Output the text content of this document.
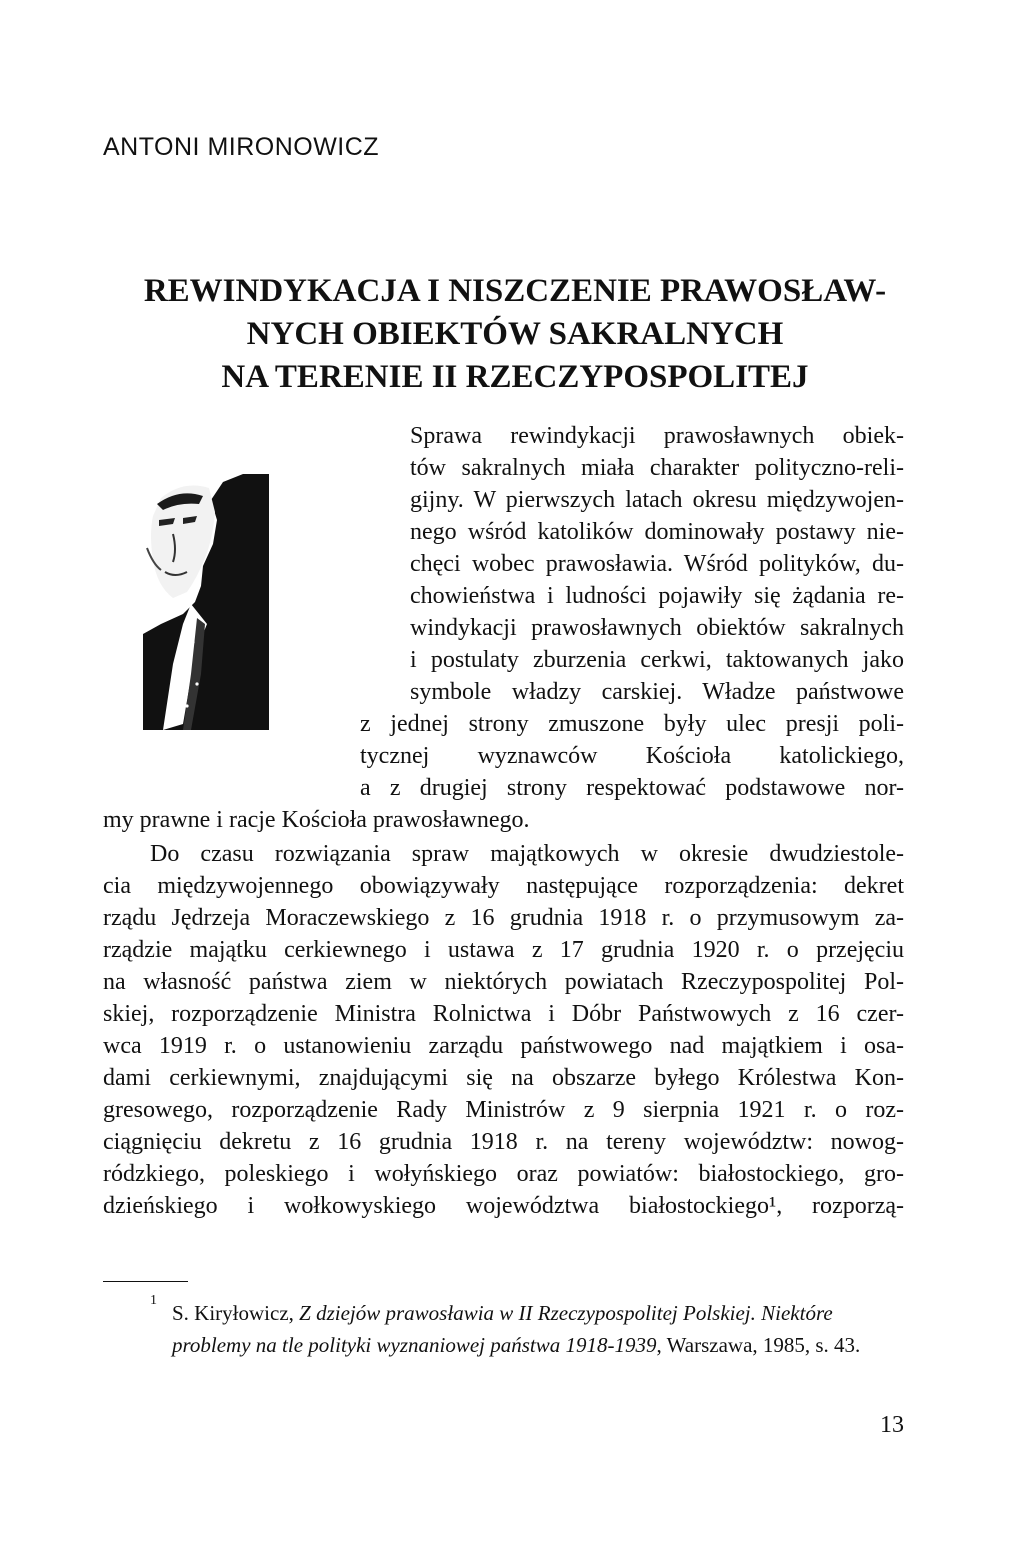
ANTONI MIRONOWICZ
REWINDYKACJA I NISZCZENIE PRAWOSŁAW-
NYCH OBIEKTÓW SAKRALNYCH
NA TERENIE II RZECZYPOSPOLITEJ
Sprawa rewindykacji prawosławnych obiek-
tów sakralnych miała charakter polityczno-reli-
gijny. W pierwszych latach okresu międzywojen-
nego wśród katolików dominowały postawy nie-
chęci wobec prawosławia. Wśród polityków, du-
chowieństwa i ludności pojawiły się żądania re-
windykacji prawosławnych obiektów sakralnych
i postulaty zburzenia cerkwi, taktowanych jako
symbole władzy carskiej. Władze państwowe
z jednej strony zmuszone były ulec presji poli-
tycznej wyznawców Kościoła katolickiego,
a z drugiej strony respektować podstawowe nor-
my prawne i racje Kościoła prawosławnego.
Do czasu rozwiązania spraw majątkowych w okresie dwudziestole-
cia międzywojennego obowiązywały następujące rozporządzenia: dekret
rządu Jędrzeja Moraczewskiego z 16 grudnia 1918 r. o przymusowym za-
rządzie majątku cerkiewnego i ustawa z 17 grudnia 1920 r. o przejęciu
na własność państwa ziem w niektórych powiatach Rzeczypospolitej Pol-
skiej, rozporządzenie Ministra Rolnictwa i Dóbr Państwowych z 16 czer-
wca 1919 r. o ustanowieniu zarządu państwowego nad majątkiem i osa-
dami cerkiewnymi, znajdującymi się na obszarze byłego Królestwa Kon-
gresowego, rozporządzenie Rady Ministrów z 9 sierpnia 1921 r. o roz-
ciągnięciu dekretu z 16 grudnia 1918 r. na tereny województw: nowog-
ródzkiego, poleskiego i wołyńskiego oraz powiatów: białostockiego, gro-
dzieńskiego i wołkowyskiego województwa białostockiego¹, rozporzą-
1
S. Kiryłowicz, Z dziejów prawosławia w II Rzeczypospolitej Polskiej. Niektóre
problemy na tle polityki wyznaniowej państwa 1918-1939, Warszawa, 1985, s. 43.
13
